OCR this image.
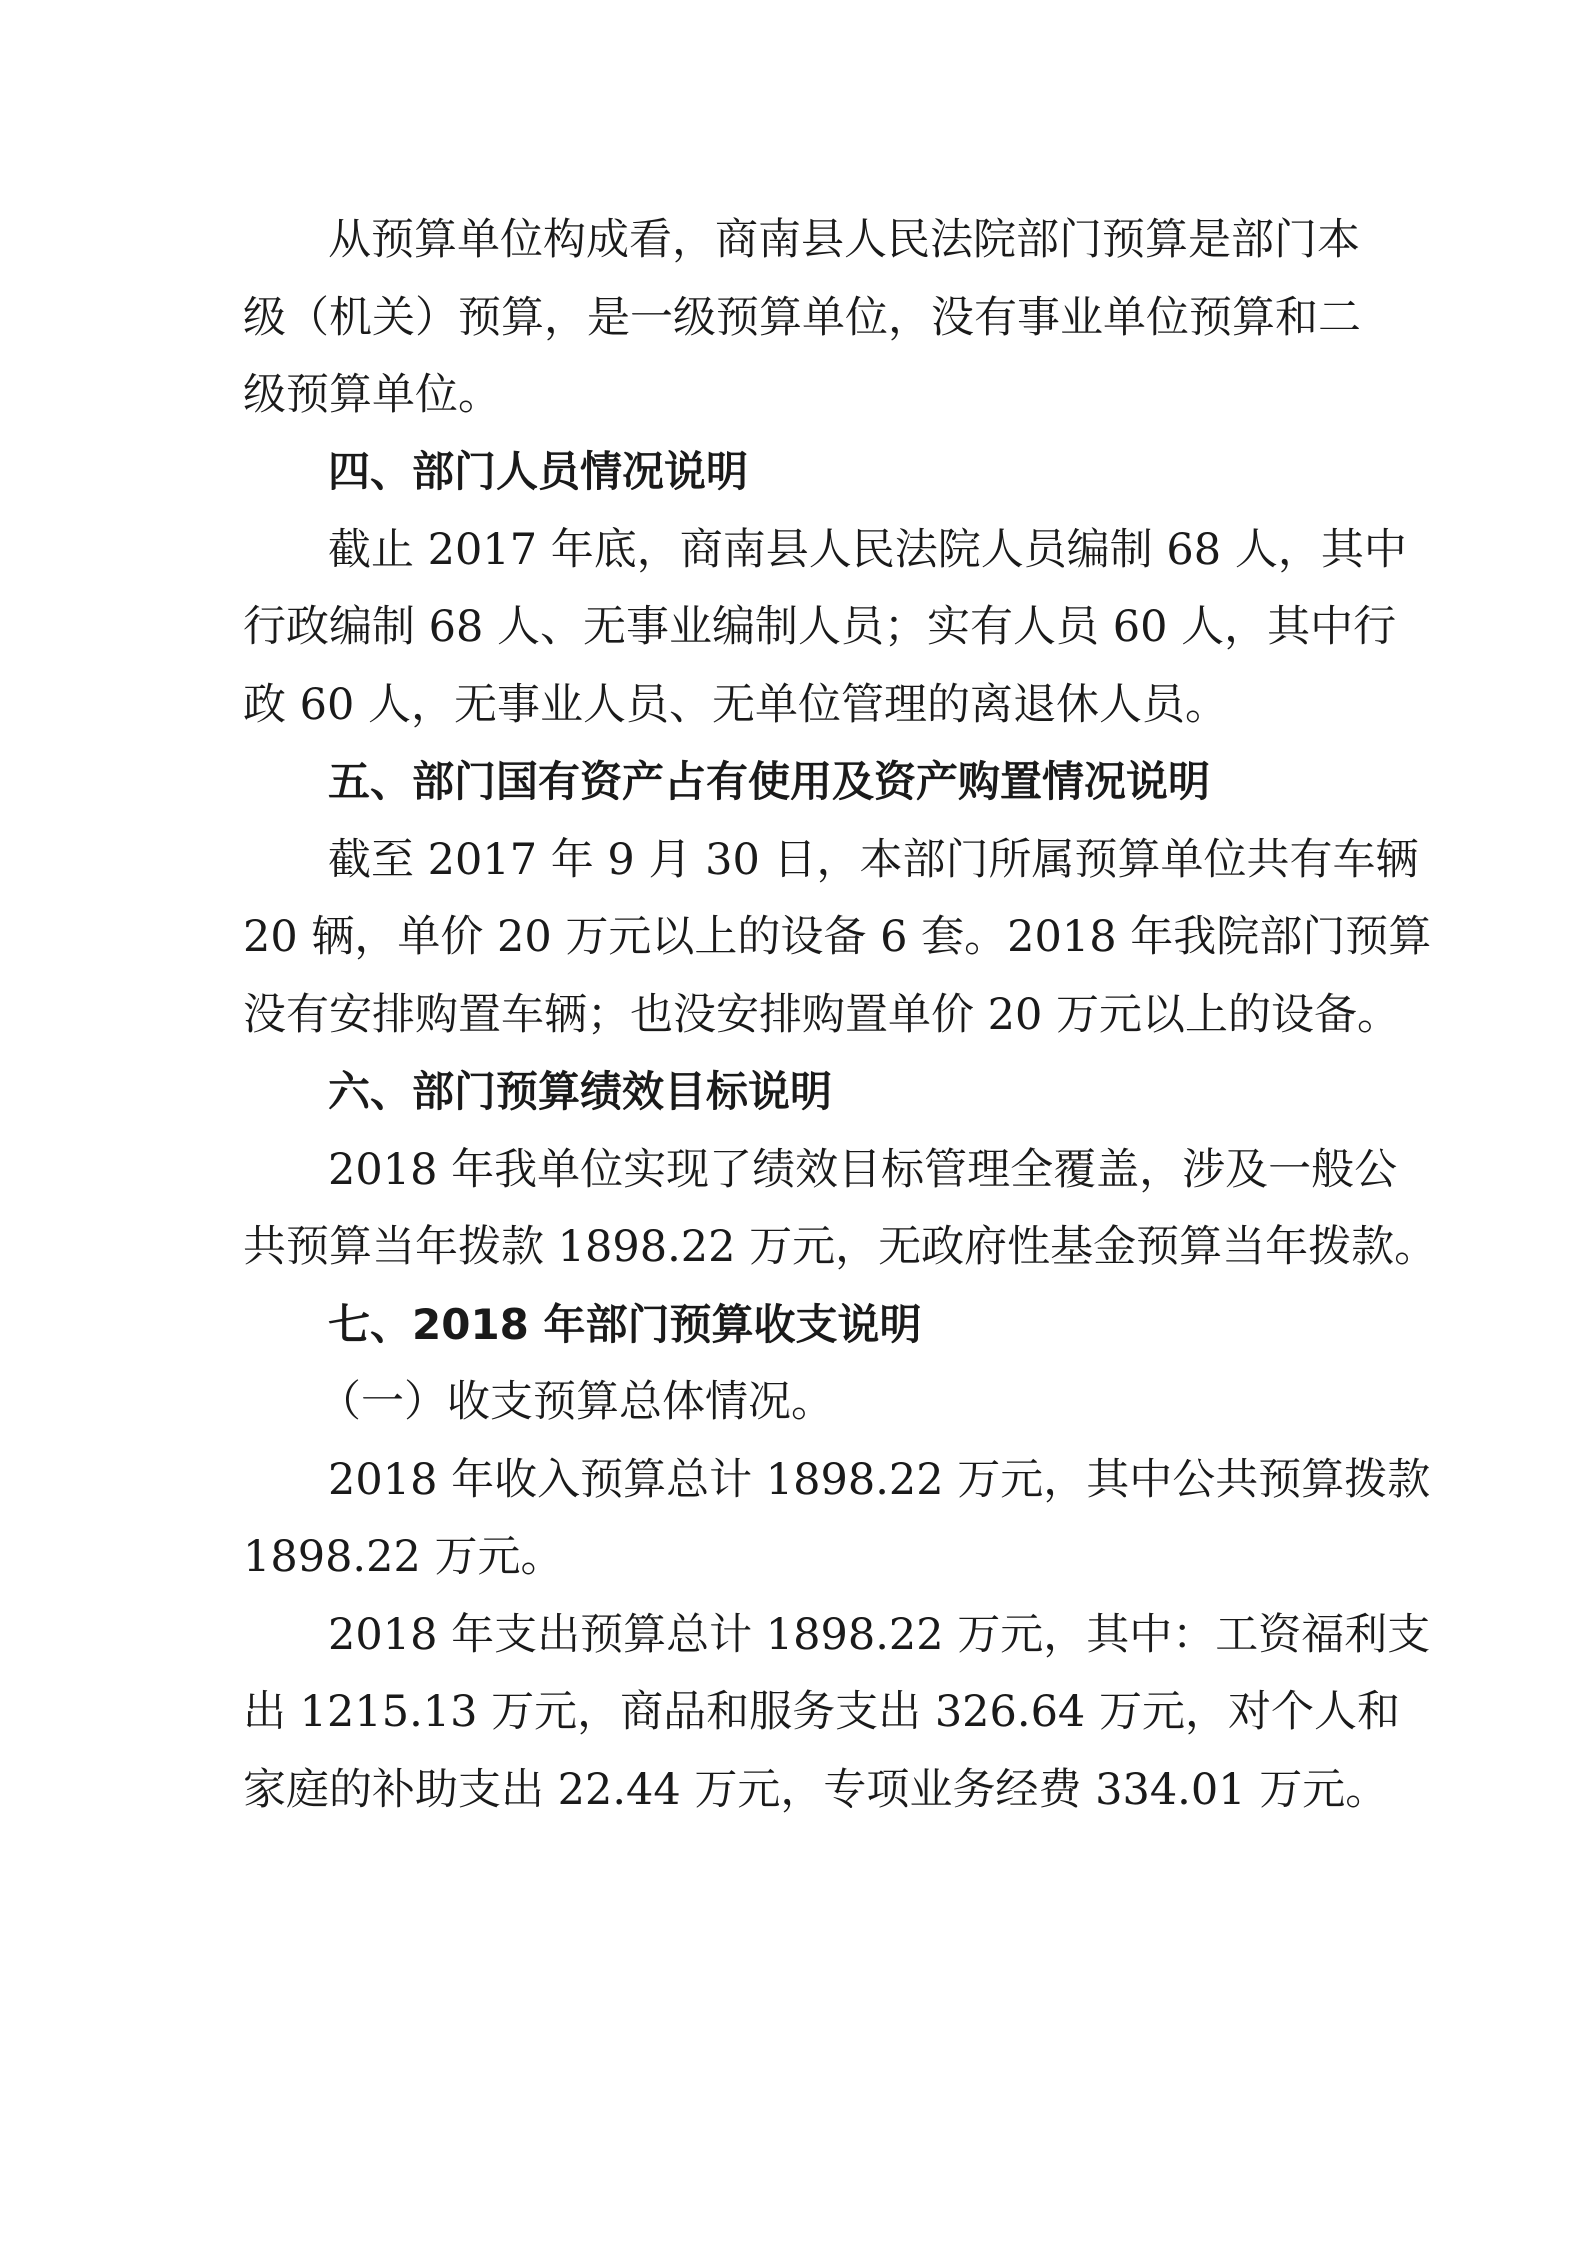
从预算单位构成看，商南县人民法院部门预算是部门本
级（机关）预算，是一级预算单位，没有事业单位预算和二
级预算单位。
四、部门人员情况说明
截止 2017 年底，商南县人民法院人员编制 68 人，其中
行政编制 68 人、无事业编制人员；实有人员 60 人，其中行
政 60 人，无事业人员、无单位管理的离退休人员。
五、部门国有资产占有使用及资产购置情况说明
截至 2017 年 9 月 30 日，本部门所属预算单位共有车辆
20 辆，单价 20 万元以上的设备 6 套。2018 年我院部门预算
没有安排购置车辆；也没安排购置单价 20 万元以上的设备。
六、部门预算绩效目标说明
2018 年我单位实现了绩效目标管理全覆盖，涉及一般公
共预算当年拨款 1898.22 万元，无政府性基金预算当年拨款。
七、2018 年部门预算收支说明
（一）收支预算总体情况。
2018 年收入预算总计 1898.22 万元，其中公共预算拨款
1898.22 万元。
2018 年支出预算总计 1898.22 万元，其中：工资福利支
出 1215.13 万元，商品和服务支出 326.64 万元，对个人和
家庭的补助支出 22.44 万元，专项业务经费 334.01 万元。
